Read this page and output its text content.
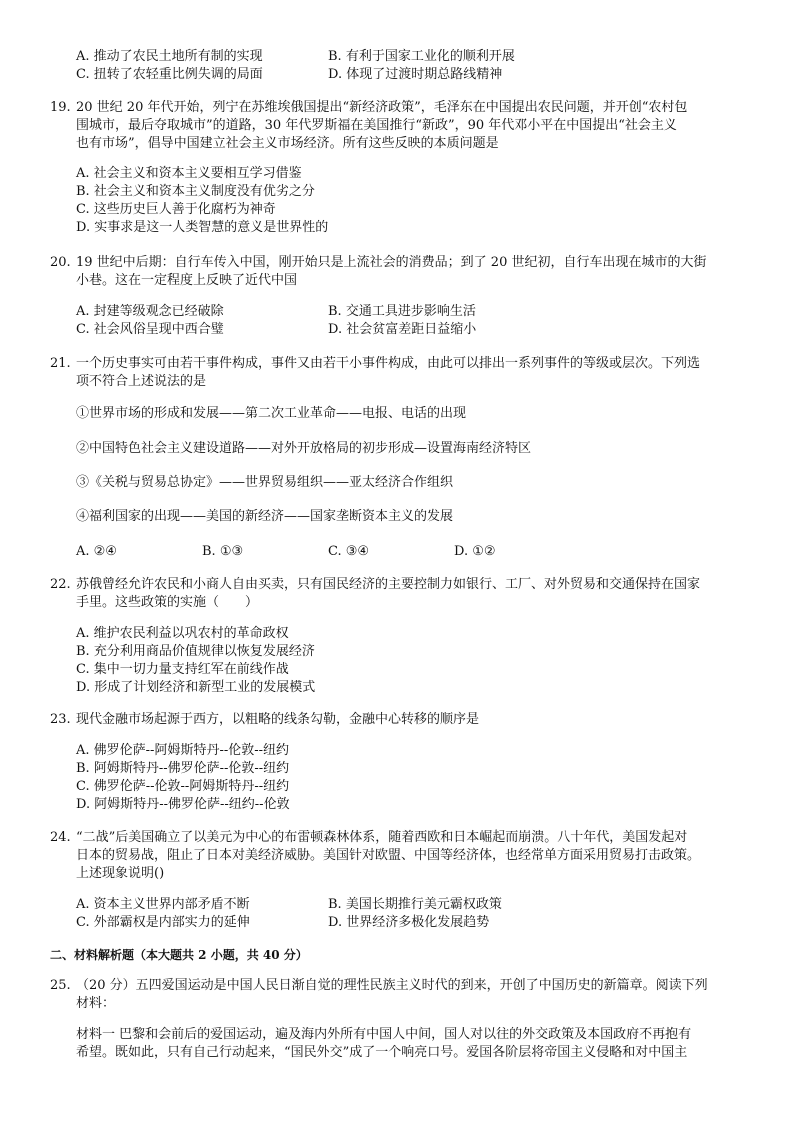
A. 推动了农民土地所有制的实现	B. 有利于国家工业化的顺利开展
C. 扭转了农轻重比例失调的局面	D. 体现了过渡时期总路线精神
19. 20 世纪 20 年代开始，列宁在苏维埃俄国提出“新经济政策”，毛泽东在中国提出农民问题，并开创“农村包
围城市，最后夺取城市”的道路，30 年代罗斯福在美国推行“新政”，90 年代邓小平在中国提出“社会主义
也有市场”，倡导中国建立社会主义市场经济。所有这些反映的本质问题是
A. 社会主义和资本主义要相互学习借鉴
B. 社会主义和资本主义制度没有优劣之分
C. 这些历史巨人善于化腐朽为神奇
D. 实事求是这一人类智慧的意义是世界性的
20. 19 世纪中后期：自行车传入中国，刚开始只是上流社会的消费品；到了 20 世纪初，自行车出现在城市的大街
小巷。这在一定程度上反映了近代中国
A. 封建等级观念已经破除	B. 交通工具进步影响生活
C. 社会风俗呈现中西合璧	D. 社会贫富差距日益缩小
21. 一个历史事实可由若干事件构成，事件又由若干小事件构成，由此可以排出一系列事件的等级或层次。下列选
项不符合上述说法的是
①世界市场的形成和发展——第二次工业革命——电报、电话的出现
②中国特色社会主义建设道路——对外开放格局的初步形成—设置海南经济特区
③《关税与贸易总协定》——世界贸易组织——亚太经济合作组织
④福利国家的出现——美国的新经济——国家垄断资本主义的发展
A. ②④	B. ①③	C. ③④	D. ①②
22. 苏俄曾经允许农民和小商人自由买卖，只有国民经济的主要控制力如银行、工厂、对外贸易和交通保持在国家
手里。这些政策的实施（　　）
A. 维护农民利益以巩农村的革命政权
B. 充分利用商品价值规律以恢复发展经济
C. 集中一切力量支持红军在前线作战
D. 形成了计划经济和新型工业的发展模式
23. 现代金融市场起源于西方，以粗略的线条勾勒，金融中心转移的顺序是
A. 佛罗伦萨--阿姆斯特丹--伦敦--纽约
B. 阿姆斯特丹--佛罗伦萨--伦敦--纽约
C. 佛罗伦萨--伦敦--阿姆斯特丹--纽约
D. 阿姆斯特丹--佛罗伦萨--纽约--伦敦
24. “二战”后美国确立了以美元为中心的布雷顿森林体系，随着西欧和日本崛起而崩溃。八十年代，美国发起对
日本的贸易战，阻止了日本对美经济威胁。美国针对欧盟、中国等经济体，也经常单方面采用贸易打击政策。
上述现象说明()
A. 资本主义世界内部矛盾不断	B. 美国长期推行美元霸权政策
C. 外部霸权是内部实力的延伸	D. 世界经济多极化发展趋势
二、材料解析题（本大题共 2 小题，共 40 分）
25. （20 分）五四爱国运动是中国人民日渐自觉的理性民族主义时代的到来，开创了中国历史的新篇章。阅读下列
材料：
材料一 巴黎和会前后的爱国运动，遍及海内外所有中国人中间，国人对以往的外交政策及本国政府不再抱有
希望。既如此，只有自己行动起来，“国民外交”成了一个响亮口号。爱国各阶层将帝国主义侵略和对中国主
